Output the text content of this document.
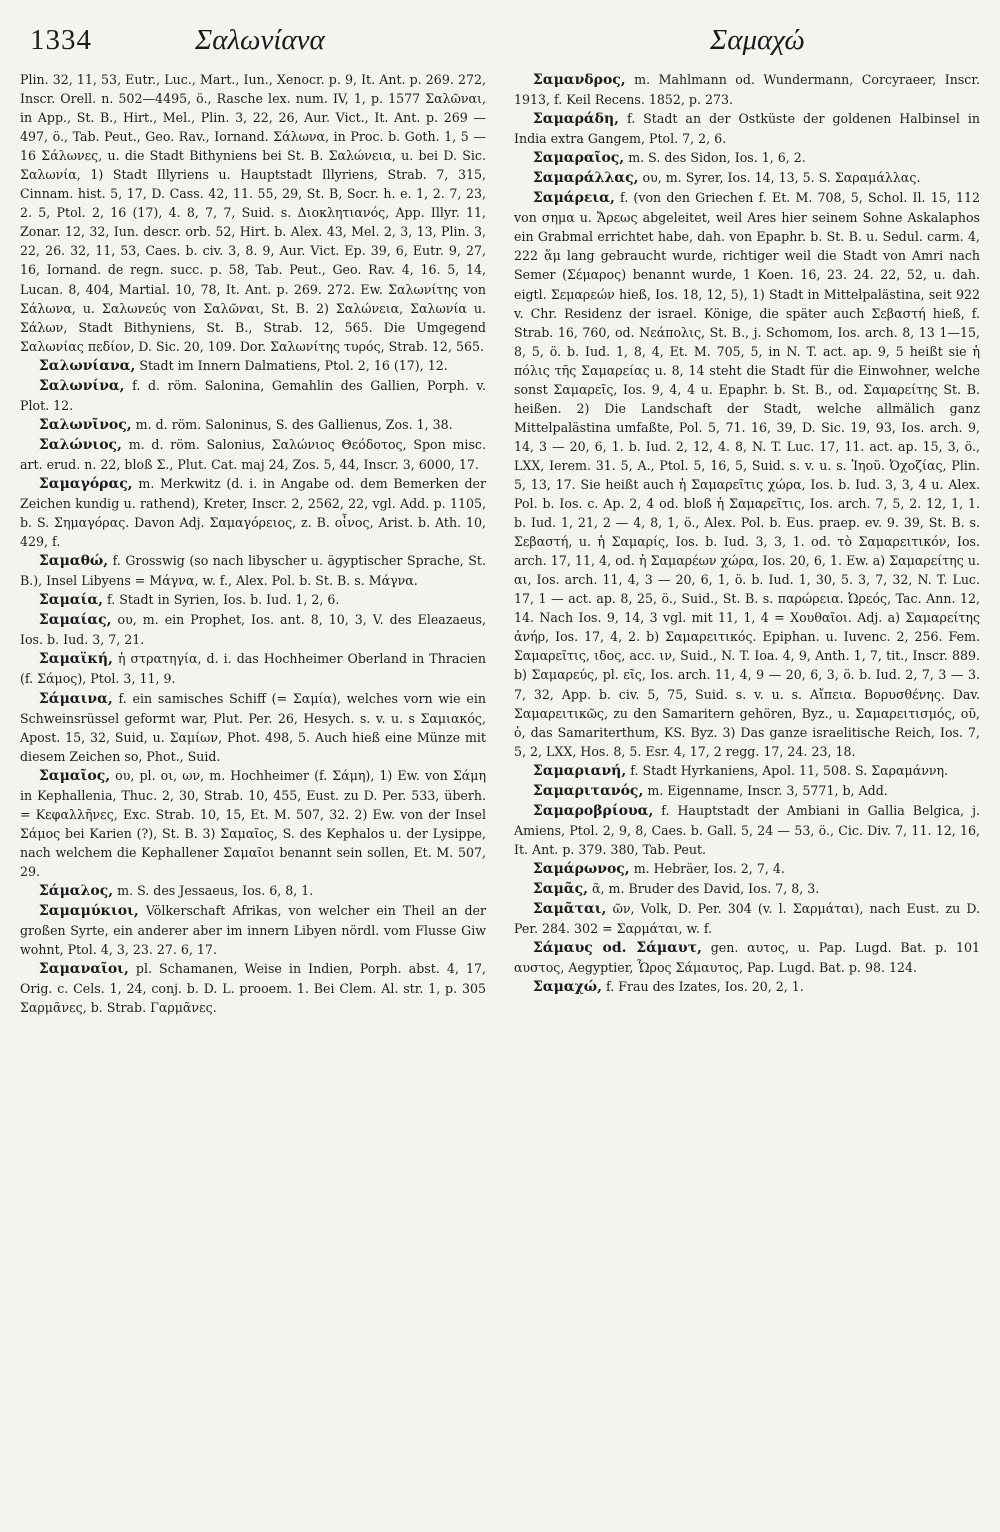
1334	Σαλωνίανα	Σαμαχώ

Plin. 32, 11, 53, Eutr., Luc., Mart., Iun., Xenocr. p. 9, It. Ant. p. 269. 272, Inscr. Orell. n. 502—4495, ö., Rasche lex. num. IV, 1, p. 1577 Σαλῶναι, in App., St. B., Hirt., Mel., Plin. 3, 22, 26, Aur. Vict., It. Ant. p. 269 — 497, ö., Tab. Peut., Geo. Rav., Iornand. Σάλωνα, in Proc. b. Goth. 1, 5 — 16 Σάλωνες, u. die Stadt Bithyniens bei St. B. Σαλώνεια, u. bei D. Sic. Σαλωνία, 1) Stadt Illyriens u. Hauptstadt Illyriens, Strab. 7, 315, Cinnam. hist. 5, 17, D. Cass. 42, 11. 55, 29, St. B, Socr. h. e. 1, 2. 7, 23, 2. 5, Ptol. 2, 16 (17), 4. 8, 7, 7, Suid. s. Διοκλητιανός, App. Illyr. 11, Zonar. 12, 32, Iun. descr. orb. 52, Hirt. b. Alex. 43, Mel. 2, 3, 13, Plin. 3, 22, 26. 32, 11, 53, Caes. b. civ. 3, 8. 9, Aur. Vict. Ep. 39, 6, Eutr. 9, 27, 16, Iornand. de regn. succ. p. 58, Tab. Peut., Geo. Rav. 4, 16. 5, 14, Lucan. 8, 404, Martial. 10, 78, It. Ant. p. 269. 272. Ew. Σαλωνίτης von Σάλωνα, u. Σαλωνεύς von Σαλῶναι, St. B. 2) Σαλώνεια, Σαλωνία u. Σάλων, Stadt Bithyniens, St. B., Strab. 12, 565. Die Umgegend Σαλωνίας πεδίον, D. Sic. 20, 109. Dor. Σαλωνίτης τυρός, Strab. 12, 565.

Σαλωνίανα, Stadt im Innern Dalmatiens, Ptol. 2, 16 (17), 12.

Σαλωνίνα, f. d. röm. Salonina, Gemahlin des Gallien, Porph. v. Plot. 12.

Σαλωνῖνος, m. d. röm. Saloninus, S. des Gallienus, Zos. 1, 38.

Σαλώνιος, m. d. röm. Salonius, Σαλώνιος Θεόδοτος, Spon misc. art. erud. n. 22, bloß Σ., Plut. Cat. maj 24, Zos. 5, 44, Inscr. 3, 6000, 17.

Σαμαγόρας, m. Merkwitz (d. i. in Angabe od. dem Bemerken der Zeichen kundig u. rathend), Kreter, Inscr. 2, 2562, 22, vgl. Add. p. 1105, b. S. Σημαγόρας. Davon Adj. Σαμαγόρειος, z. B. οἶνος, Arist. b. Ath. 10, 429, f.

Σαμαθώ, f. Grosswig (so nach libyscher u. ägyptischer Sprache, St. B.), Insel Libyens = Μάγνα, w. f., Alex. Pol. b. St. B. s. Μάγνα.

Σαμαία, f. Stadt in Syrien, Ios. b. Iud. 1, 2, 6.

Σαμαίας, ου, m. ein Prophet, Ios. ant. 8, 10, 3, V. des Eleazaeus, Ios. b. Iud. 3, 7, 21.

Σαμαϊκή, ἡ στρατηγία, d. i. das Hochheimer Oberland in Thracien (f. Σάμος), Ptol. 3, 11, 9.

Σάμαινα, f. ein samisches Schiff (= Σαμία), welches vorn wie ein Schweinsrüssel geformt war, Plut. Per. 26, Hesych. s. v. u. s Σαμιακός, Apost. 15, 32, Suid, u. Σαμίων, Phot. 498, 5. Auch hieß eine Münze mit diesem Zeichen so, Phot., Suid.

Σαμαῖος, ου, pl. οι, ων, m. Hochheimer (f. Σάμη), 1) Ew. von Σάμη in Kephallenia, Thuc. 2, 30, Strab. 10, 455, Eust. zu D. Per. 533, überh. = Κεφαλλῆνες, Exc. Strab. 10, 15, Et. M. 507, 32. 2) Ew. von der Insel Σάμος bei Karien (?), St. B. 3) Σαμαῖος, S. des Kephalos u. der Lysippe, nach welchem die Kephallener Σαμαῖοι benannt sein sollen, Et. M. 507, 29.

Σάμαλος, m. S. des Jessaeus, Ios. 6, 8, 1.

Σαμαμύκιοι, Völkerschaft Afrikas, von welcher ein Theil an der großen Syrte, ein anderer aber im innern Libyen nördl. vom Flusse Giw wohnt, Ptol. 4, 3, 23. 27. 6, 17.

Σαμαναῖοι, pl. Schamanen, Weise in Indien, Porph. abst. 4, 17, Orig. c. Cels. 1, 24, conj. b. D. L. prooem. 1. Bei Clem. Al. str. 1, p. 305 Σαρμᾶνες, b. Strab. Γαρμᾶνες.

Σαμανδρος, m. Mahlmann od. Wundermann, Corcyraeer, Inscr. 1913, f. Keil Recens. 1852, p. 273.

Σαμαράδη, f. Stadt an der Ostküste der goldenen Halbinsel in India extra Gangem, Ptol. 7, 2, 6.

Σαμαραῖος, m. S. des Sidon, Ios. 1, 6, 2.

Σαμαράλλας, ου, m. Syrer, Ios. 14, 13, 5. S. Σαραμάλλας.

Σαμάρεια, f. (von den Griechen f. Et. M. 708, 5, Schol. Il. 15, 112 von σημα u. Ἄρεως abgeleitet, weil Ares hier seinem Sohne Askalaphos ein Grabmal errichtet habe, dah. von Epaphr. b. St. B. u. Sedul. carm. 4, 222 ἅμ lang gebraucht wurde, richtiger weil die Stadt von Amri nach Semer (Σέμαρος) benannt wurde, 1 Koen. 16, 23. 24. 22, 52, u. dah. eigtl. Σεμαρεών hieß, Ios. 18, 12, 5), 1) Stadt in Mittelpalästina, seit 922 v. Chr. Residenz der israel. Könige, die später auch Σεβαστή hieß, f. Strab. 16, 760, od. Νεάπολις, St. B., j. Schomom, Ios. arch. 8, 13 1—15, 8, 5, ö. b. Iud. 1, 8, 4, Et. M. 705, 5, in N. T. act. ap. 9, 5 heißt sie ἡ πόλις τῆς Σαμαρείας u. 8, 14 steht die Stadt für die Einwohner, welche sonst Σαμαρεῖς, Ios. 9, 4, 4 u. Epaphr. b. St. B., od. Σαμαρείτης St. B. heißen. 2) Die Landschaft der Stadt, welche allmälich ganz Mittelpalästina umfaßte, Pol. 5, 71. 16, 39, D. Sic. 19, 93, Ios. arch. 9, 14, 3 — 20, 6, 1. b. Iud. 2, 12, 4. 8, N. T. Luc. 17, 11. act. ap. 15, 3, ö., LXX, Ierem. 31. 5, A., Ptol. 5, 16, 5, Suid. s. v. u. s. Ἰηοῦ. Ὀχοζίας, Plin. 5, 13, 17. Sie heißt auch ἡ Σαμαρεῖτις χώρα, Ios. b. Iud. 3, 3, 4 u. Alex. Pol. b. Ios. c. Ap. 2, 4 od. bloß ἡ Σαμαρεῖτις, Ios. arch. 7, 5, 2. 12, 1, 1. b. Iud. 1, 21, 2 — 4, 8, 1, ö., Alex. Pol. b. Eus. praep. ev. 9. 39, St. B. s. Σεβαστή, u. ἡ Σαμαρίς, Ios. b. Iud. 3, 3, 1. od. τὸ Σαμαρειτικόν, Ios. arch. 17, 11, 4, od. ἡ Σαμαρέων χώρα, Ios. 20, 6, 1. Ew. a) Σαμαρείτης u. αι, Ios. arch. 11, 4, 3 — 20, 6, 1, ö. b. Iud. 1, 30, 5. 3, 7, 32, N. T. Luc. 17, 1 — act. ap. 8, 25, ö., Suid., St. B. s. παρώρεια. Ὠρεός, Tac. Ann. 12, 14. Nach Ios. 9, 14, 3 vgl. mit 11, 1, 4 = Χουθαῖοι. Adj. a) Σαμαρείτης ἀνήρ, Ios. 17, 4, 2. b) Σαμαρειτικός. Epiphan. u. Iuvenc. 2, 256. Fem. Σαμαρεῖτις, ιδος, acc. ιν, Suid., N. T. Ioa. 4, 9, Anth. 1, 7, tit., Inscr. 889. b) Σαμαρεύς, pl. εῖς, Ios. arch. 11, 4, 9 — 20, 6, 3, ö. b. Iud. 2, 7, 3 — 3. 7, 32, App. b. civ. 5, 75, Suid. s. v. u. s. Αἴπεια. Βορυσθένης. Dav. Σαμαρειτικῶς, zu den Samaritern gehören, Byz., u. Σαμαρειτισμός, οῦ, ὁ, das Samariterthum, KS. Byz. 3) Das ganze israelitische Reich, Ios. 7, 5, 2, LXX, Hos. 8, 5. Esr. 4, 17, 2 regg. 17, 24. 23, 18.

Σαμαριανή, f. Stadt Hyrkaniens, Apol. 11, 508. S. Σαραμάννη.

Σαμαριτανός, m. Eigenname, Inscr. 3, 5771, b, Add.

Σαμαροβρίουα, f. Hauptstadt der Ambiani in Gallia Belgica, j. Amiens, Ptol. 2, 9, 8, Caes. b. Gall. 5, 24 — 53, ö., Cic. Div. 7, 11. 12, 16, It. Ant. p. 379. 380, Tab. Peut.

Σαμάρωνος, m. Hebräer, Ios. 2, 7, 4.

Σαμᾶς, ᾶ, m. Bruder des David, Ios. 7, 8, 3.

Σαμᾶται, ῶν, Volk, D. Per. 304 (v. l. Σαρμάται), nach Eust. zu D. Per. 284. 302 = Σαρμάται, w. f.

Σάμαυς od. Σάμαυτ, gen. αυτος, u. Pap. Lugd. Bat. p. 101 αυστος, Aegyptier, Ὧρος Σάμαυτος, Pap. Lugd. Bat. p. 98. 124.

Σαμαχώ, f. Frau des Izates, Ios. 20, 2, 1.
